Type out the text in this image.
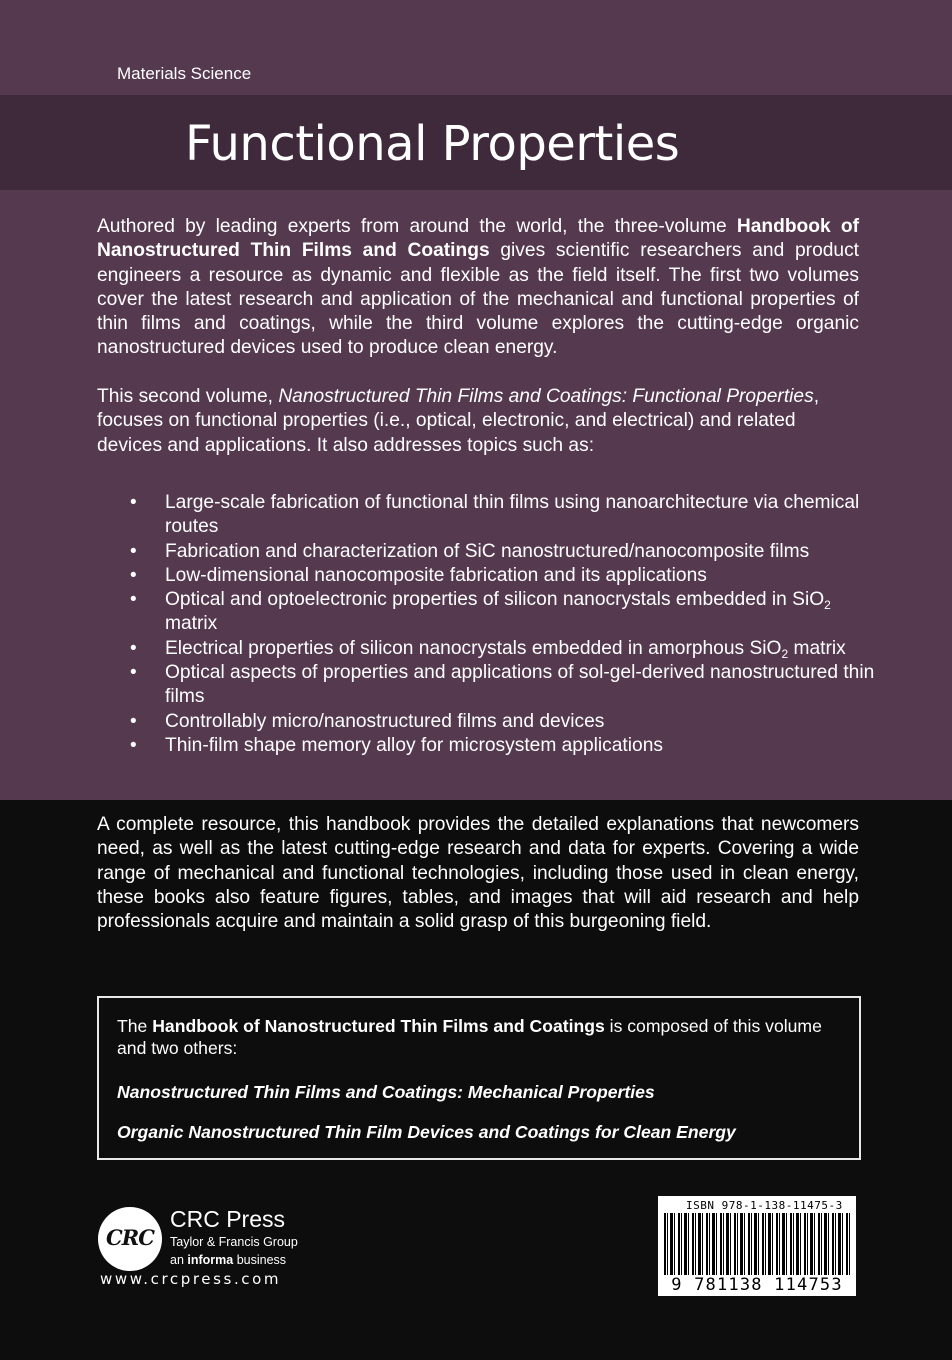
Materials Science
Functional Properties

Authored by leading experts from around the world, the three-volume Handbook of Nanostructured Thin Films and Coatings gives scientific researchers and product engineers a resource as dynamic and flexible as the field itself. The first two volumes cover the latest research and application of the mechanical and functional properties of thin films and coatings, while the third volume explores the cutting-edge organic nanostructured devices used to produce clean energy.

This second volume, Nanostructured Thin Films and Coatings: Functional Properties, focuses on functional properties (i.e., optical, electronic, and electrical) and related devices and applications. It also addresses topics such as:

• Large-scale fabrication of functional thin films using nanoarchitecture via chemical routes
• Fabrication and characterization of SiC nanostructured/nanocomposite films
• Low-dimensional nanocomposite fabrication and its applications
• Optical and optoelectronic properties of silicon nanocrystals embedded in SiO$_2$ matrix
• Electrical properties of silicon nanocrystals embedded in amorphous SiO$_2$ matrix
• Optical aspects of properties and applications of sol-gel-derived nanostructured thin films
• Controllably micro/nanostructured films and devices
• Thin-film shape memory alloy for microsystem applications

A complete resource, this handbook provides the detailed explanations that newcomers need, as well as the latest cutting-edge research and data for experts. Covering a wide range of mechanical and functional technologies, including those used in clean energy, these books also feature figures, tables, and images that will aid research and help professionals acquire and maintain a solid grasp of this burgeoning field.

The Handbook of Nanostructured Thin Films and Coatings is composed of this volume and two others:
Nanostructured Thin Films and Coatings: Mechanical Properties
Organic Nanostructured Thin Film Devices and Coatings for Clean Energy
CRC
CRC Press
Taylor & Francis Group
an informa business
www.crcpress.com
ISBN 978-1-138-11475-3
9 781138 114753
